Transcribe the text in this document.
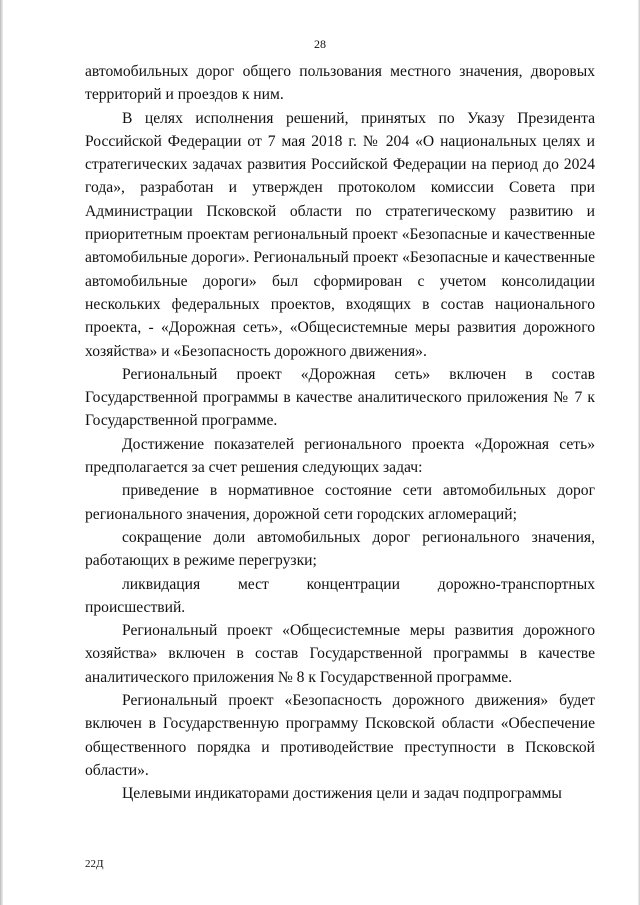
28

автомобильных дорог общего пользования местного значения, дворовых территорий и проездов к ним.

В целях исполнения решений, принятых по Указу Президента Российской Федерации от 7 мая 2018 г. № 204 «О национальных целях и стратегических задачах развития Российской Федерации на период до 2024 года», разработан и утвержден протоколом комиссии Совета при Администрации Псковской области по стратегическому развитию и приоритетным проектам региональный проект «Безопасные и качественные автомобильные дороги». Региональный проект «Безопасные и качественные автомобильные дороги» был сформирован с учетом консолидации нескольких федеральных проектов, входящих в состав национального проекта, - «Дорожная сеть», «Общесистемные меры развития дорожного хозяйства» и «Безопасность дорожного движения».

Региональный проект «Дорожная сеть» включен в состав Государственной программы в качестве аналитического приложения № 7 к Государственной программе.

Достижение показателей регионального проекта «Дорожная сеть» предполагается за счет решения следующих задач:

приведение в нормативное состояние сети автомобильных дорог регионального значения, дорожной сети городских агломераций;

сокращение доли автомобильных дорог регионального значения, работающих в режиме перегрузки;

ликвидация мест концентрации дорожно-транспортных происшествий.

Региональный проект «Общесистемные меры развития дорожного хозяйства» включен в состав Государственной программы в качестве аналитического приложения № 8 к Государственной программе.

Региональный проект «Безопасность дорожного движения» будет включен в Государственную программу Псковской области «Обеспечение общественного порядка и противодействие преступности в Псковской области».

Целевыми индикаторами достижения цели и задач подпрограммы

22Д
